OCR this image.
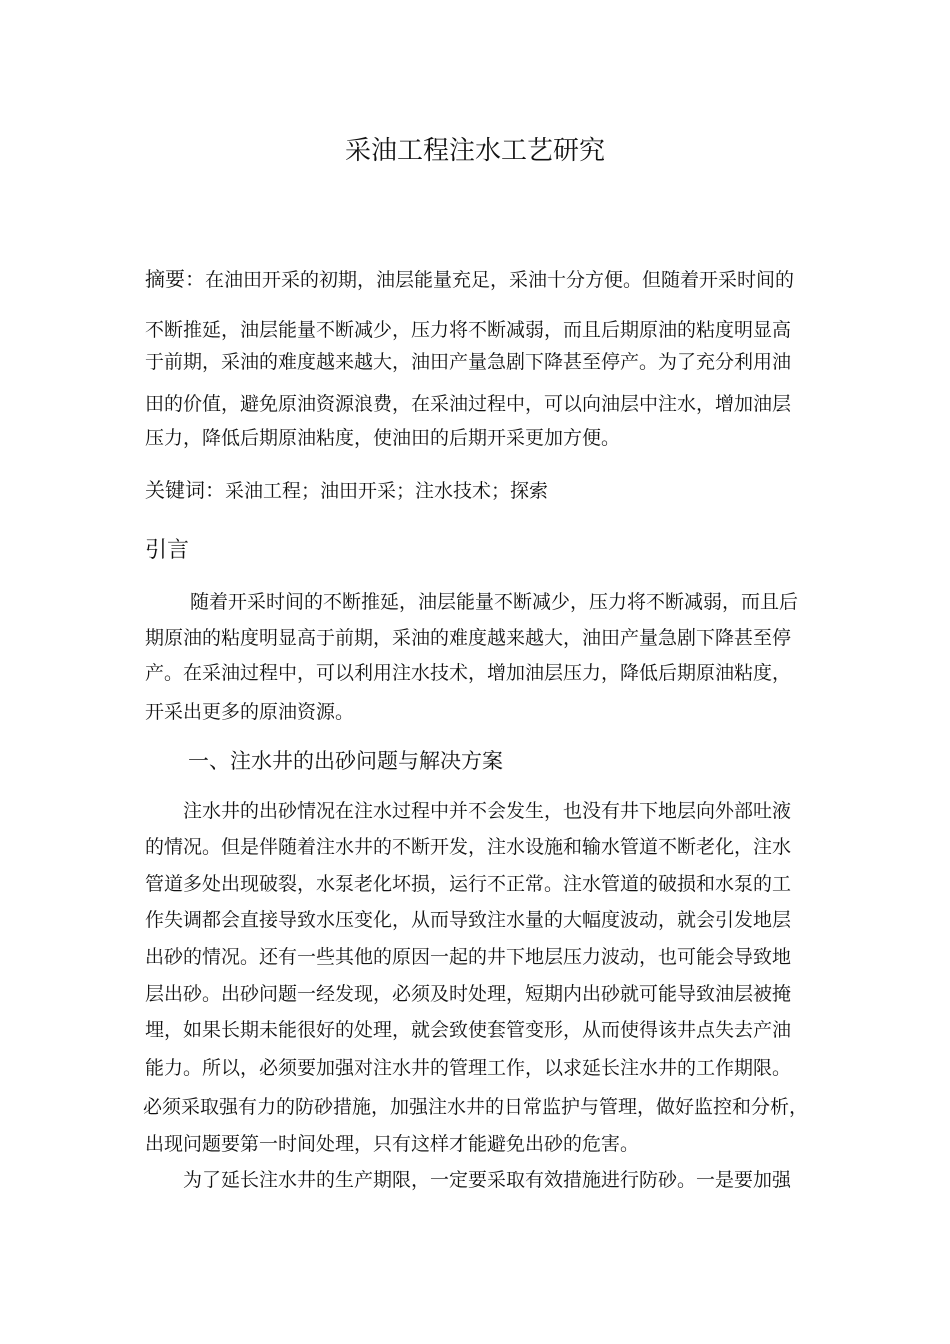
采油工程注水工艺研究
摘要：在油田开采的初期，油层能量充足，采油十分方便。但随着开采时间的
不断推延，油层能量不断减少，压力将不断减弱，而且后期原油的粘度明显高
于前期，采油的难度越来越大，油田产量急剧下降甚至停产。为了充分利用油
田的价值，避免原油资源浪费，在采油过程中，可以向油层中注水，增加油层
压力，降低后期原油粘度，使油田的后期开采更加方便。
关键词：采油工程；油田开采；注水技术；探索
引言
随着开采时间的不断推延，油层能量不断减少，压力将不断减弱，而且后
期原油的粘度明显高于前期，采油的难度越来越大，油田产量急剧下降甚至停
产。在采油过程中，可以利用注水技术，增加油层压力，降低后期原油粘度，
开采出更多的原油资源。
一、注水井的出砂问题与解决方案
注水井的出砂情况在注水过程中并不会发生，也没有井下地层向外部吐液
的情况。但是伴随着注水井的不断开发，注水设施和输水管道不断老化，注水
管道多处出现破裂，水泵老化坏损，运行不正常。注水管道的破损和水泵的工
作失调都会直接导致水压变化，从而导致注水量的大幅度波动，就会引发地层
出砂的情况。还有一些其他的原因一起的井下地层压力波动，也可能会导致地
层出砂。出砂问题一经发现，必须及时处理，短期内出砂就可能导致油层被掩
埋，如果长期未能很好的处理，就会致使套管变形，从而使得该井点失去产油
能力。所以，必须要加强对注水井的管理工作，以求延长注水井的工作期限。
必须采取强有力的防砂措施，加强注水井的日常监护与管理，做好监控和分析，
出现问题要第一时间处理，只有这样才能避免出砂的危害。
为了延长注水井的生产期限，一定要采取有效措施进行防砂。一是要加强
